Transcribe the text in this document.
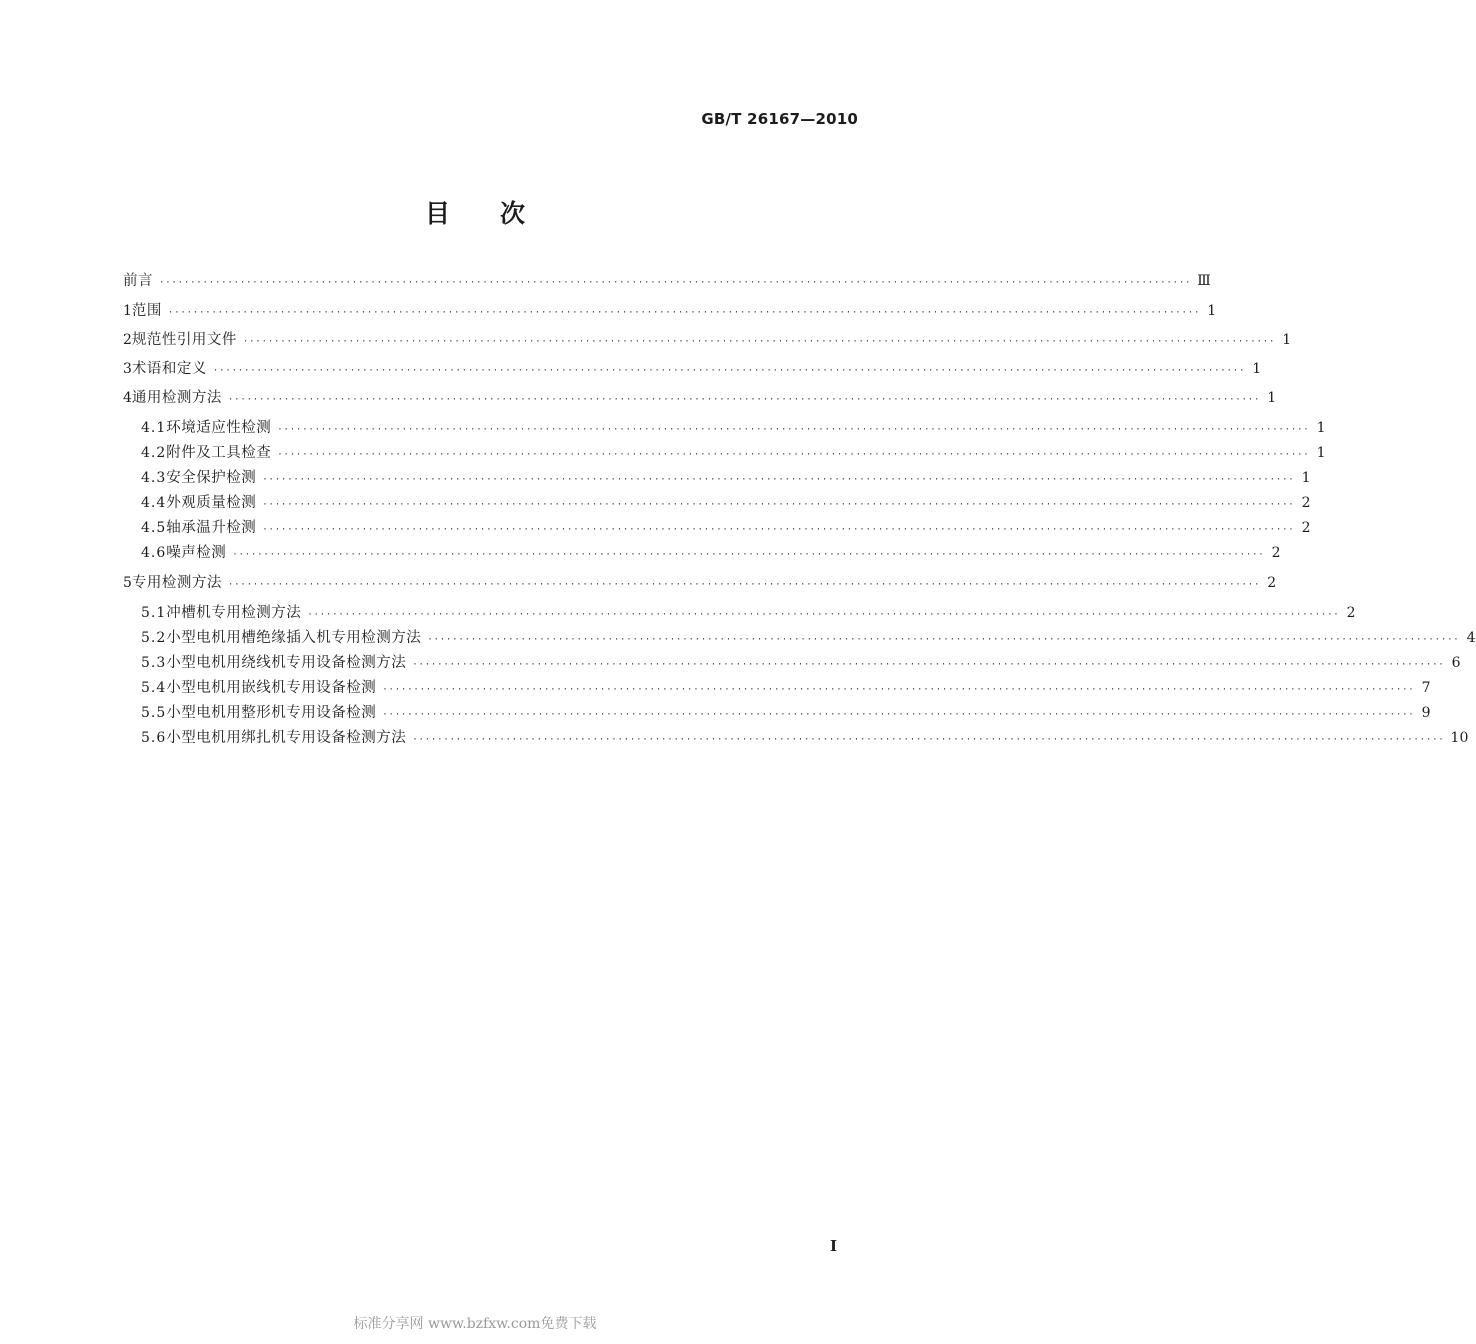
GB/T 26167—2010
目次
前言 ······································································································································································ Ⅲ
1 范围 ······································································································································································ 1
2 规范性引用文件 ······································································································································································ 1
3 术语和定义 ······································································································································································ 1
4 通用检测方法 ······································································································································································ 1
4.1 环境适应性检测 ······································································································································································ 1
4.2 附件及工具检查 ······································································································································································ 1
4.3 安全保护检测 ······································································································································································ 1
4.4 外观质量检测 ······································································································································································ 2
4.5 轴承温升检测 ······································································································································································ 2
4.6 噪声检测 ······································································································································································ 2
5 专用检测方法 ······································································································································································ 2
5.1 冲槽机专用检测方法 ······································································································································································ 2
5.2 小型电机用槽绝缘插入机专用检测方法 ······································································································································································ 4
5.3 小型电机用绕线机专用设备检测方法 ······································································································································································ 6
5.4 小型电机用嵌线机专用设备检测 ······································································································································································ 7
5.5 小型电机用整形机专用设备检测 ······································································································································································ 9
5.6 小型电机用绑扎机专用设备检测方法 ······································································································································································ 10
I
标准分享网 www.bzfxw.com免费下载
